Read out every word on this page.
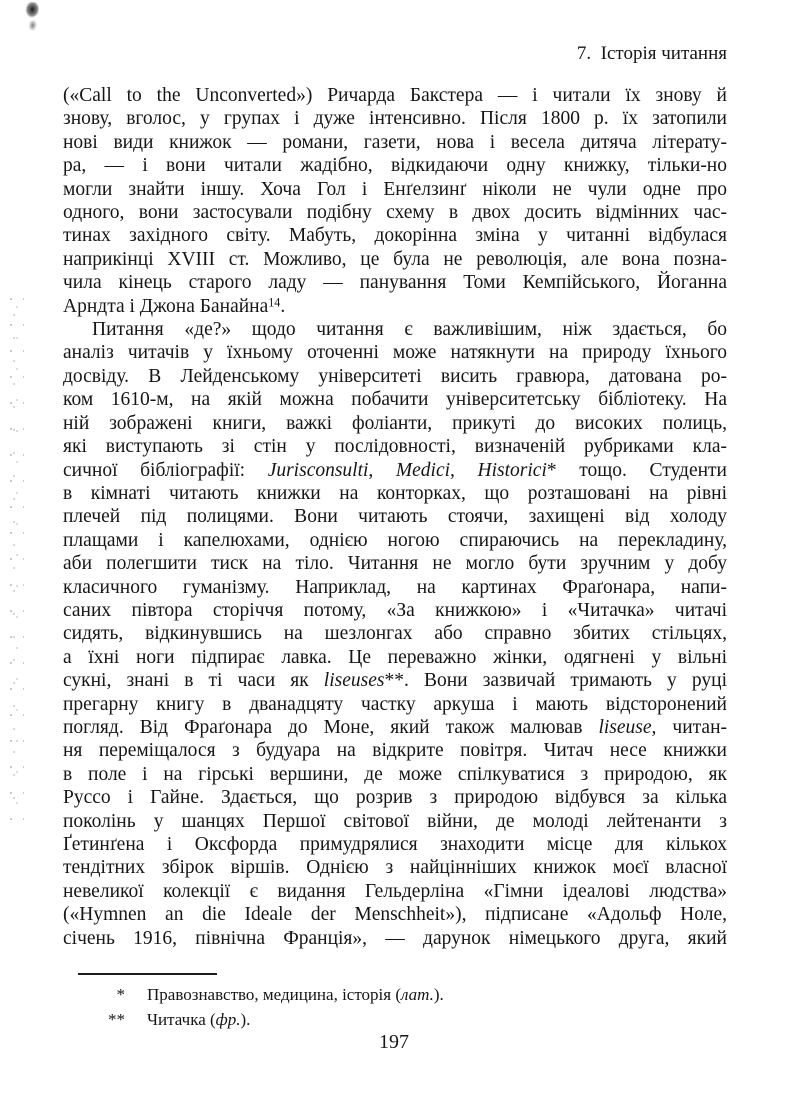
7. Історія читання
(«Call to the Unconverted») Ричарда Бакстера — і читали їх знову й
знову, вголос, у групах і дуже інтенсивно. Після 1800 р. їх затопили
нові види книжок — романи, газети, нова і весела дитяча літерату-
ра, — і вони читали жадібно, відкидаючи одну книжку, тільки-но
могли знайти іншу. Хоча Гол і Енґелзинґ ніколи не чули одне про
одного, вони застосували подібну схему в двох досить відмінних час-
тинах західного світу. Мабуть, докорінна зміна у читанні відбулася
наприкінці XVIII ст. Можливо, це була не революція, але вона позна-
чила кінець старого ладу — панування Томи Кемпійського, Йоганна
Арндта і Джона Банайна$^{14}$.
Питання «де?» щодо читання є важливішим, ніж здається, бо
аналіз читачів у їхньому оточенні може натякнути на природу їхнього
досвіду. В Лейденському університеті висить гравюра, датована ро-
ком 1610-м, на якій можна побачити університетську бібліотеку. На
ній зображені книги, важкі фоліанти, прикуті до високих полиць,
які виступають зі стін у послідовності, визначеній рубриками кла-
сичної бібліографії: Jurisconsulti, Medici, Historici* тощо. Студенти
в кімнаті читають книжки на конторках, що розташовані на рівні
плечей під полицями. Вони читають стоячи, захищені від холоду
плащами і капелюхами, однією ногою спираючись на перекладину,
аби полегшити тиск на тіло. Читання не могло бути зручним у добу
класичного гуманізму. Наприклад, на картинах Фраґонара, напи-
саних півтора сторіччя потому, «За книжкою» і «Читачка» читачі
сидять, відкинувшись на шезлонгах або справно збитих стільцях,
а їхні ноги підпирає лавка. Це переважно жінки, одягнені у вільні
сукні, знані в ті часи як liseuses**. Вони зазвичай тримають у руці
прегарну книгу в дванадцяту частку аркуша і мають відсторонений
погляд. Від Фраґонара до Моне, який також малював liseuse, читан-
ня переміщалося з будуара на відкрите повітря. Читач несе книжки
в поле і на гірські вершини, де може спілкуватися з природою, як
Руссо і Гайне. Здається, що розрив з природою відбувся за кілька
поколінь у шанцях Першої світової війни, де молоді лейтенанти з
Ґетинґена і Оксфорда примудрялися знаходити місце для кількох
тендітних збірок віршів. Однією з найцінніших книжок моєї власної
невеликої колекції є видання Гельдерліна «Гімни ідеалові людства»
(«Hymnen an die Ideale der Menschheit»), підписане «Адольф Ноле,
січень 1916, північна Франція», — дарунок німецького друга, який
* Правознавство, медицина, історія (лат.).
** Читачка (фр.).
197
